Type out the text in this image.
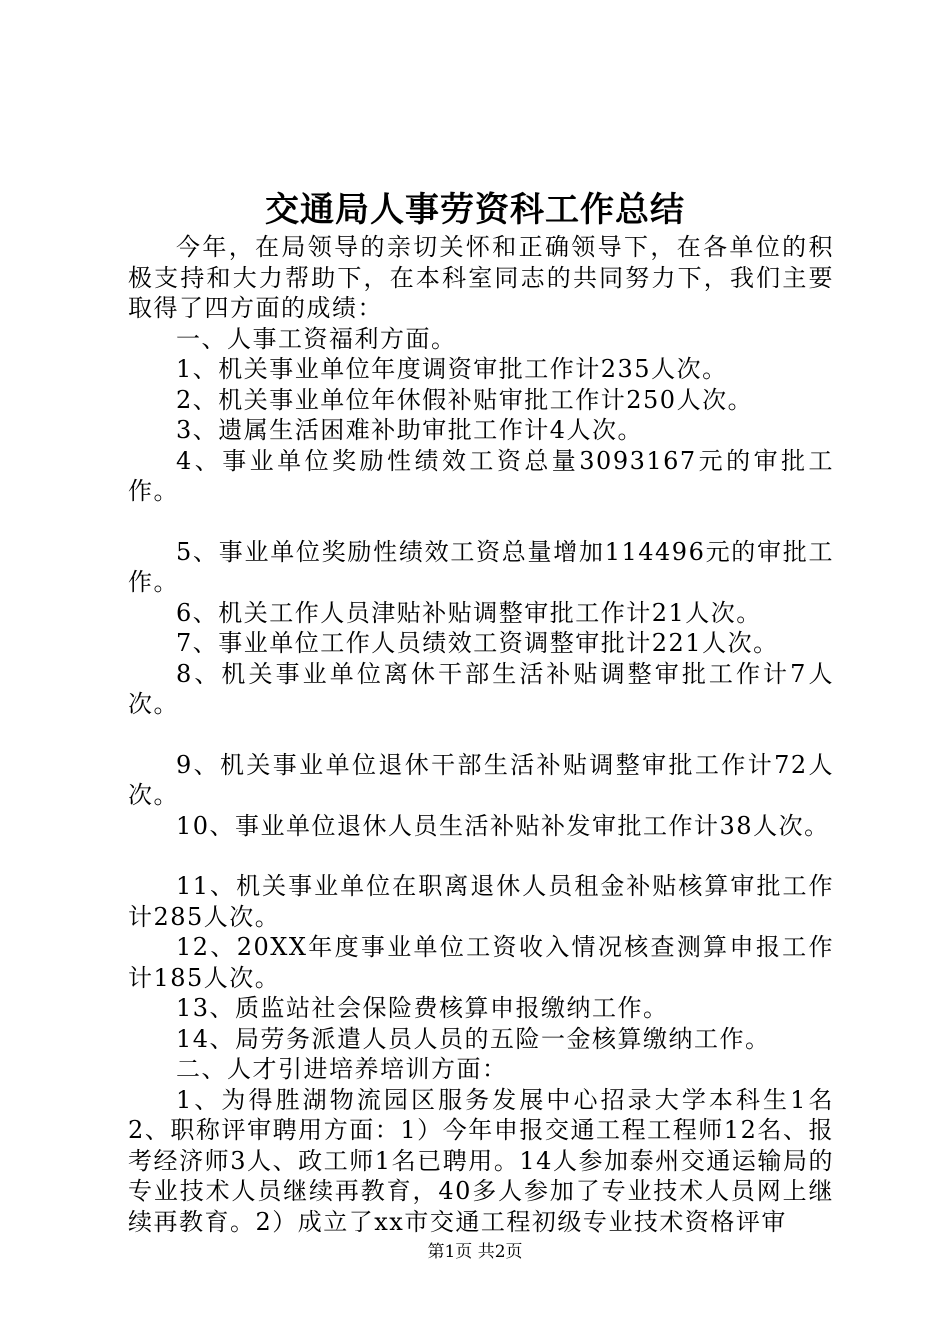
交通局人事劳资科工作总结

今年，在局领导的亲切关怀和正确领导下，在各单位的积极支持和大力帮助下，在本科室同志的共同努力下，我们主要取得了四方面的成绩：

一、人事工资福利方面。

1、机关事业单位年度调资审批工作计235人次。

2、机关事业单位年休假补贴审批工作计250人次。

3、遗属生活困难补助审批工作计4人次。

4、事业单位奖励性绩效工资总量3093167元的审批工作。

5、事业单位奖励性绩效工资总量增加114496元的审批工作。

6、机关工作人员津贴补贴调整审批工作计21人次。

7、事业单位工作人员绩效工资调整审批计221人次。

8、机关事业单位离休干部生活补贴调整审批工作计7人次。

9、机关事业单位退休干部生活补贴调整审批工作计72人次。

10、事业单位退休人员生活补贴补发审批工作计38人次。

11、机关事业单位在职离退休人员租金补贴核算审批工作计285人次。

12、20XX年度事业单位工资收入情况核查测算申报工作计185人次。

13、质监站社会保险费核算申报缴纳工作。

14、局劳务派遣人员人员的五险一金核算缴纳工作。

二、人才引进培养培训方面：

1、为得胜湖物流园区服务发展中心招录大学本科生1名2、职称评审聘用方面：1）今年申报交通工程工程师12名、报考经济师3人、政工师1名已聘用。14人参加泰州交通运输局的专业技术人员继续再教育，40多人参加了专业技术人员网上继续再教育。2）成立了xx市交通工程初级专业技术资格评审

第1页 共2页
